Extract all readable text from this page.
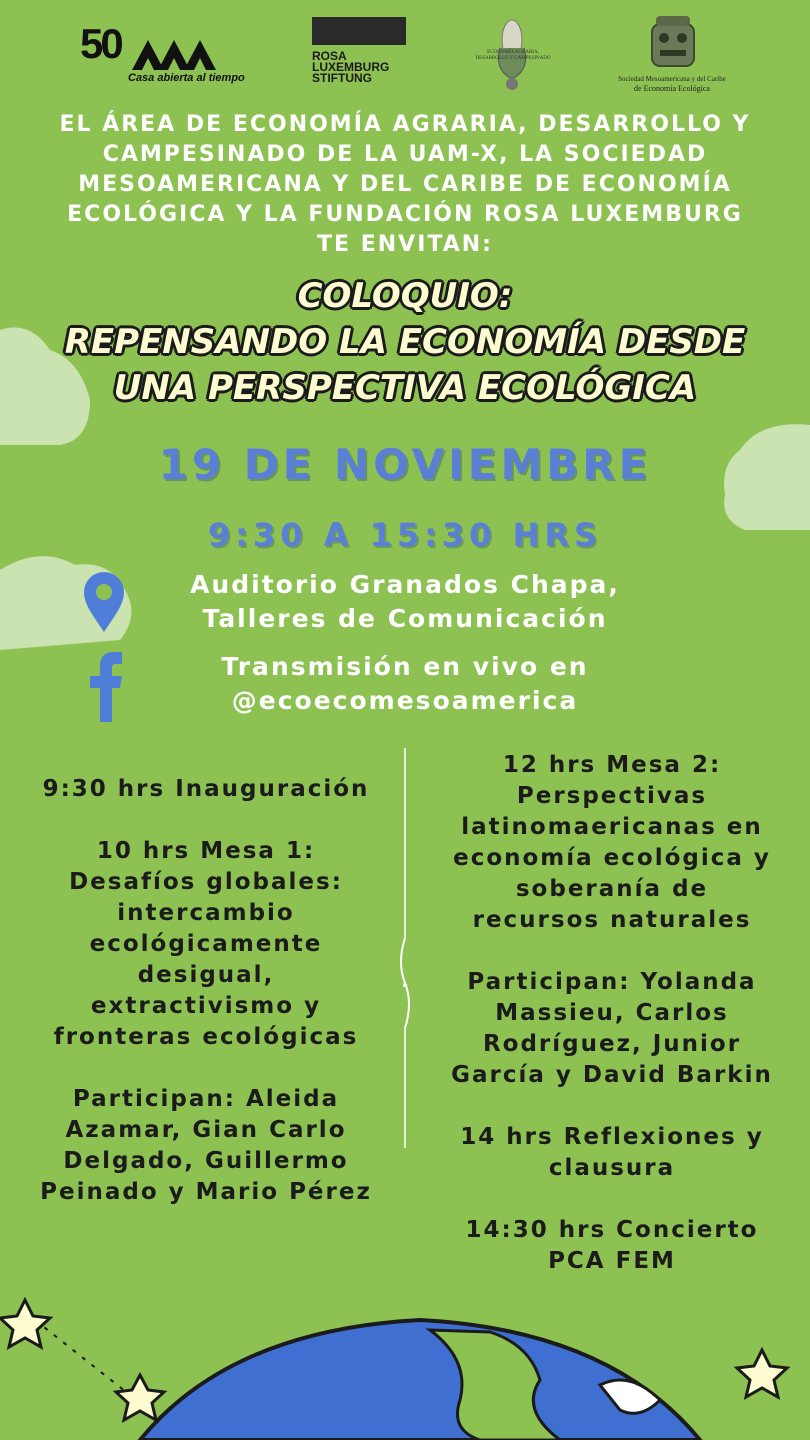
50
Casa abierta al tiempo
ROSA
LUXEMBURG
STIFTUNG
ECONOMÍA AGRARIA, DESARROLLO Y CAMPESINADO
Sociedad Mesoamericana y del Caribe
de Economía Ecológica
EL ÁREA DE ECONOMÍA AGRARIA, DESARROLLO Y
CAMPESINADO DE LA UAM-X, LA SOCIEDAD
MESOAMERICANA Y DEL CARIBE DE ECONOMÍA
ECOLÓGICA Y LA FUNDACIÓN ROSA LUXEMBURG
TE ENVITAN:
COLOQUIO:
REPENSANDO LA ECONOMÍA DESDE
UNA PERSPECTIVA ECOLÓGICA
19 DE NOVIEMBRE
9:30 A 15:30 HRS
Auditorio Granados Chapa,
Talleres de Comunicación
Transmisión en vivo en
@ecoecomesoamerica
9:30 hrs Inauguración
10 hrs Mesa 1:
Desafíos globales:
intercambio
ecológicamente
desigual,
extractivismo y
fronteras ecológicas
Participan: Aleida
Azamar, Gian Carlo
Delgado, Guillermo
Peinado y Mario Pérez
12 hrs Mesa 2:
Perspectivas
latinomaericanas en
economía ecológica y
soberanía de
recursos naturales
Participan: Yolanda
Massieu, Carlos
Rodríguez, Junior
García y David Barkin
14 hrs Reflexiones y
clausura
14:30 hrs Concierto
PCA FEM
